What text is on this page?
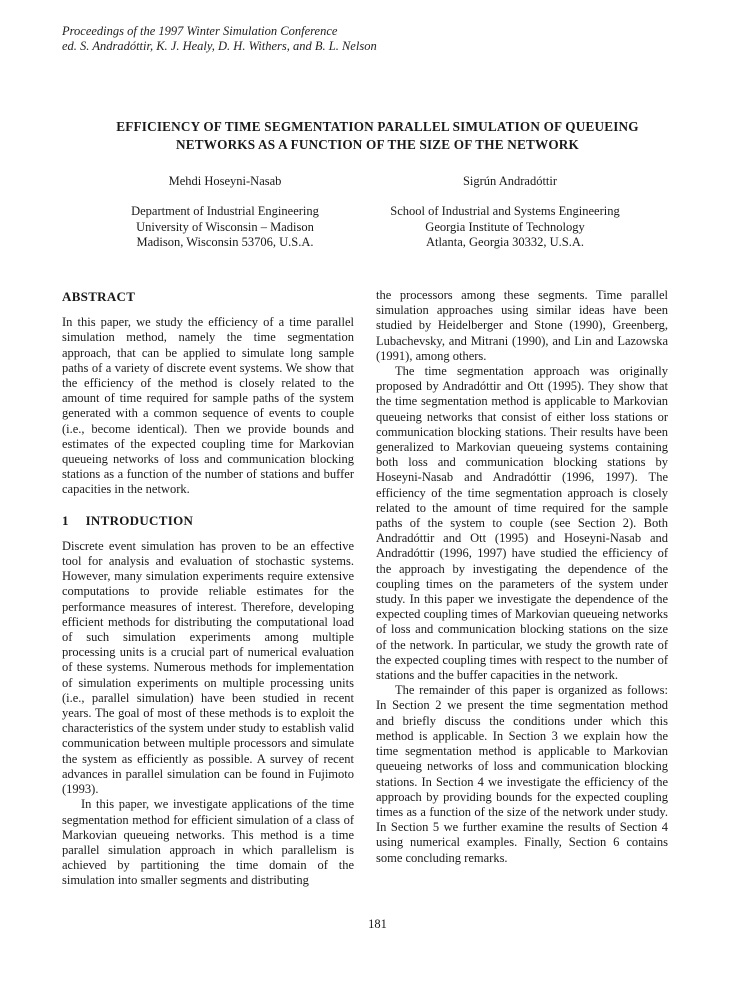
Proceedings of the 1997 Winter Simulation Conference
ed. S. Andradóttir, K. J. Healy, D. H. Withers, and B. L. Nelson
EFFICIENCY OF TIME SEGMENTATION PARALLEL SIMULATION OF QUEUEING
NETWORKS AS A FUNCTION OF THE SIZE OF THE NETWORK
Mehdi Hoseyni-Nasab	Sigrún Andradóttir
Department of Industrial Engineering
University of Wisconsin – Madison
Madison, Wisconsin 53706, U.S.A.
School of Industrial and Systems Engineering
Georgia Institute of Technology
Atlanta, Georgia 30332, U.S.A.
ABSTRACT

In this paper, we study the efficiency of a time parallel simulation method, namely the time segmentation approach, that can be applied to simulate long sample paths of a variety of discrete event systems. We show that the efficiency of the method is closely related to the amount of time required for sample paths of the system generated with a common sequence of events to couple (i.e., become identical). Then we provide bounds and estimates of the expected coupling time for Markovian queueing networks of loss and communication blocking stations as a function of the number of stations and buffer capacities in the network.

1 INTRODUCTION

Discrete event simulation has proven to be an effective tool for analysis and evaluation of stochastic systems. However, many simulation experiments require extensive computations to provide reliable estimates for the performance measures of interest. Therefore, developing efficient methods for distributing the computational load of such simulation experiments among multiple processing units is a crucial part of numerical evaluation of these systems. Numerous methods for implementation of simulation experiments on multiple processing units (i.e., parallel simulation) have been studied in recent years. The goal of most of these methods is to exploit the characteristics of the system under study to establish valid communication between multiple processors and simulate the system as efficiently as possible. A survey of recent advances in parallel simulation can be found in Fujimoto (1993).

In this paper, we investigate applications of the time segmentation method for efficient simulation of a class of Markovian queueing networks. This method is a time parallel simulation approach in which parallelism is achieved by partitioning the time domain of the simulation into smaller segments and distributing

the processors among these segments. Time parallel simulation approaches using similar ideas have been studied by Heidelberger and Stone (1990), Greenberg, Lubachevsky, and Mitrani (1990), and Lin and Lazowska (1991), among others.

The time segmentation approach was originally proposed by Andradóttir and Ott (1995). They show that the time segmentation method is applicable to Markovian queueing networks that consist of either loss stations or communication blocking stations. Their results have been generalized to Markovian queueing systems containing both loss and communication blocking stations by Hoseyni-Nasab and Andradóttir (1996, 1997). The efficiency of the time segmentation approach is closely related to the amount of time required for the sample paths of the system to couple (see Section 2). Both Andradóttir and Ott (1995) and Hoseyni-Nasab and Andradóttir (1996, 1997) have studied the efficiency of the approach by investigating the dependence of the coupling times on the parameters of the system under study. In this paper we investigate the dependence of the expected coupling times of Markovian queueing networks of loss and communication blocking stations on the size of the network. In particular, we study the growth rate of the expected coupling times with respect to the number of stations and the buffer capacities in the network.

The remainder of this paper is organized as follows: In Section 2 we present the time segmentation method and briefly discuss the conditions under which this method is applicable. In Section 3 we explain how the time segmentation method is applicable to Markovian queueing networks of loss and communication blocking stations. In Section 4 we investigate the efficiency of the approach by providing bounds for the expected coupling times as a function of the size of the network under study. In Section 5 we further examine the results of Section 4 using numerical examples. Finally, Section 6 contains some concluding remarks.

181
